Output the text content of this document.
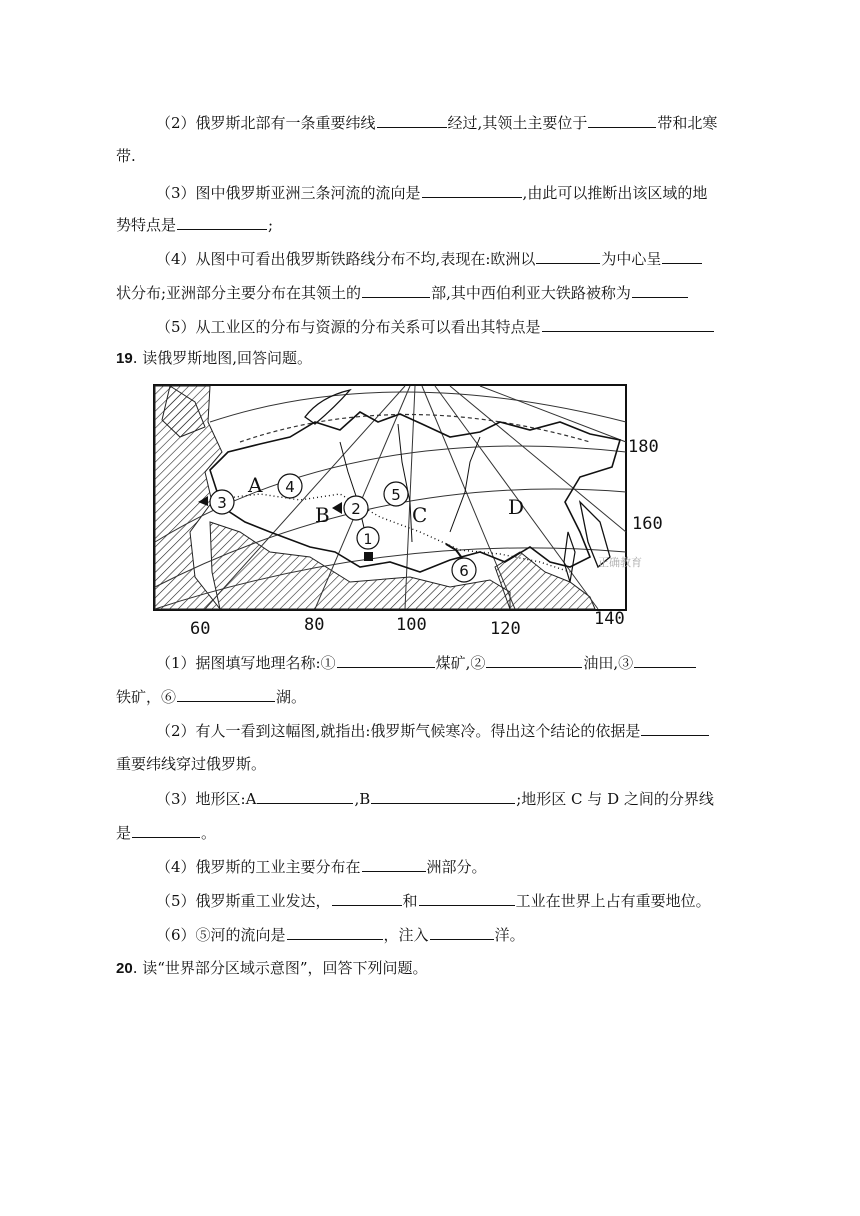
（2）俄罗斯北部有一条重要纬线	经过,其领土主要位于	带和北寒
带.
（3）图中俄罗斯亚洲三条河流的流向是	,由此可以推断出该区域的地
势特点是	;
（4）从图中可看出俄罗斯铁路线分布不均,表现在:欧洲以	为中心呈
状分布;亚洲部分主要分布在其领土的	部,其中西伯利亚大铁路被称为
（5）从工业区的分布与资源的分布关系可以看出其特点是
19. 读俄罗斯地图,回答问题。
3
4
2
5
1
6
A
B	C	D
正确教育
180
160
60	80	100	120	140
（1）据图填写地理名称:①	煤矿,②	油田,③
铁矿，⑥	湖。
（2）有人一看到这幅图,就指出:俄罗斯气候寒冷。得出这个结论的依据是
重要纬线穿过俄罗斯。
（3）地形区:A	,B	;地形区 C 与 D 之间的分界线
是	。
（4）俄罗斯的工业主要分布在	洲部分。
（5）俄罗斯重工业发达，	和	工业在世界上占有重要地位。
（6）⑤河的流向是	，注入	洋。
20. 读“世界部分区域示意图”，回答下列问题。
